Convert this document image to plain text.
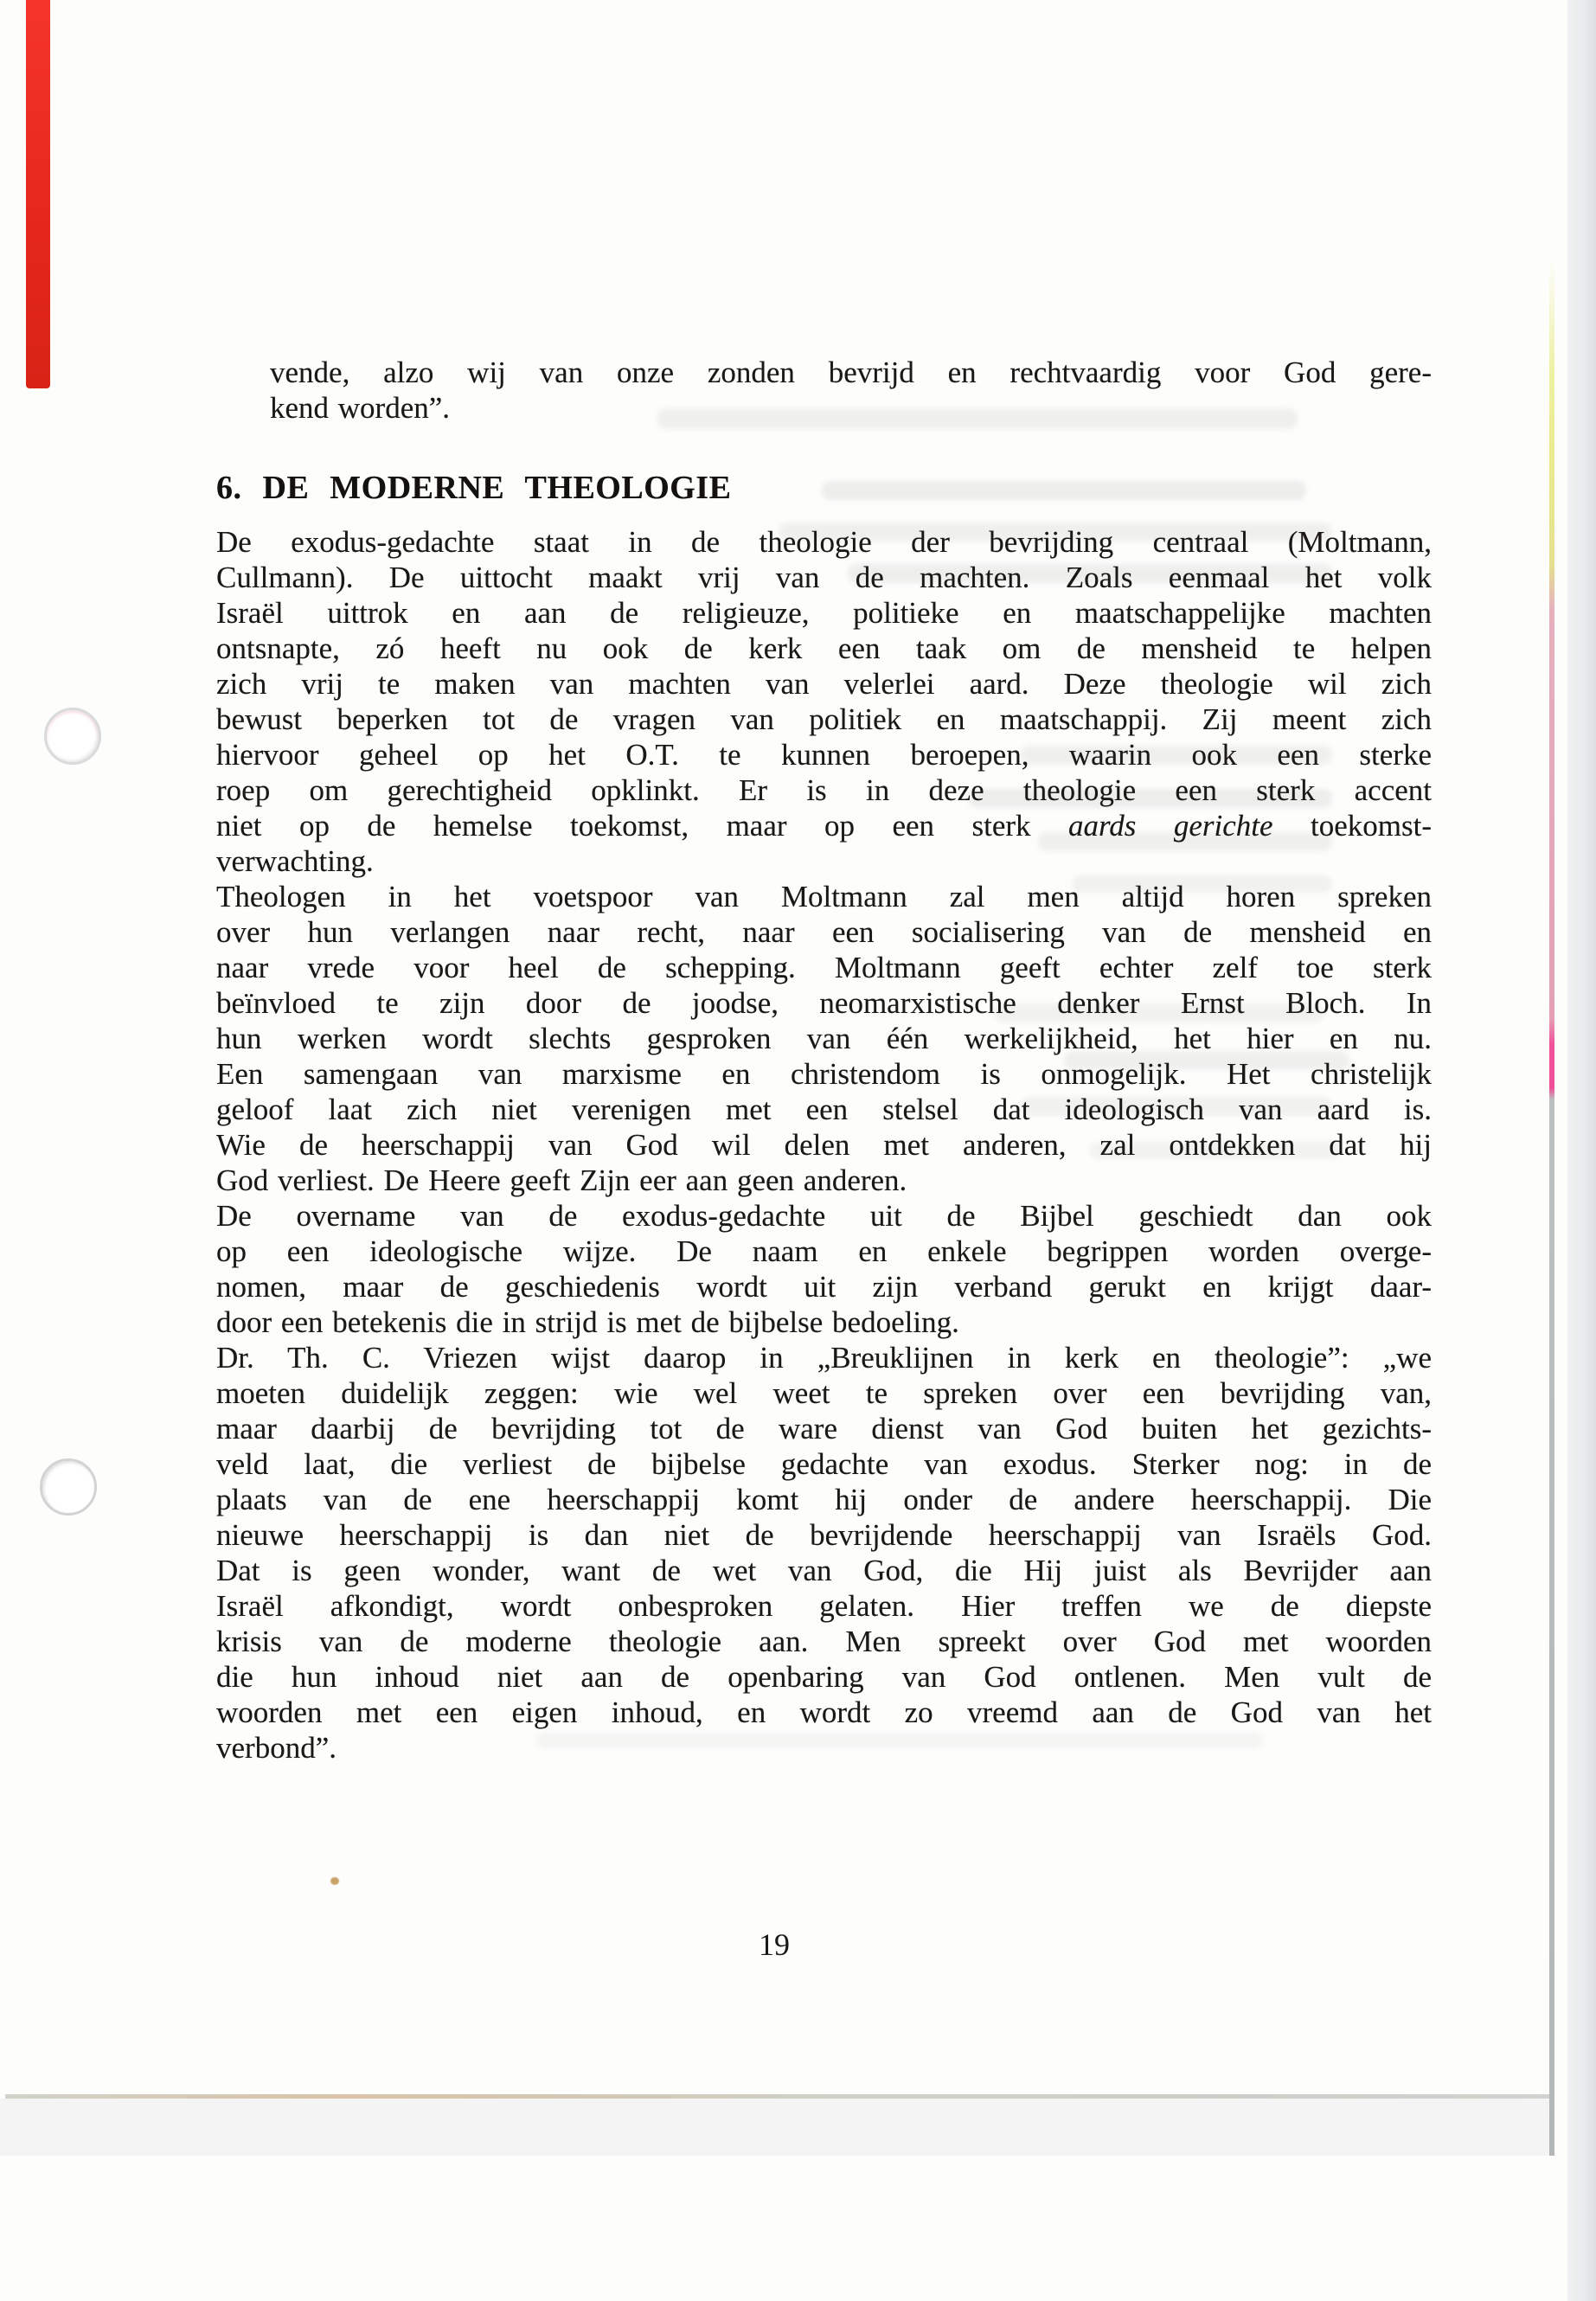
vende, alzo wij van onze zonden bevrijd en rechtvaardig voor God gere-
kend worden”.
6. DE MODERNE THEOLOGIE

De exodus-gedachte staat in de theologie der bevrijding centraal (Moltmann,
Cullmann). De uittocht maakt vrij van de machten. Zoals eenmaal het volk
Israël uittrok en aan de religieuze, politieke en maatschappelijke machten
ontsnapte, zó heeft nu ook de kerk een taak om de mensheid te helpen
zich vrij te maken van machten van velerlei aard. Deze theologie wil zich
bewust beperken tot de vragen van politiek en maatschappij. Zij meent zich
hiervoor geheel op het O.T. te kunnen beroepen, waarin ook een sterke
roep om gerechtigheid opklinkt. Er is in deze theologie een sterk accent
niet op de hemelse toekomst, maar op een sterk aards gerichte toekomst-
verwachting.

Theologen in het voetspoor van Moltmann zal men altijd horen spreken
over hun verlangen naar recht, naar een socialisering van de mensheid en
naar vrede voor heel de schepping. Moltmann geeft echter zelf toe sterk
beïnvloed te zijn door de joodse, neomarxistische denker Ernst Bloch. In
hun werken wordt slechts gesproken van één werkelijkheid, het hier en nu.
Een samengaan van marxisme en christendom is onmogelijk. Het christelijk
geloof laat zich niet verenigen met een stelsel dat ideologisch van aard is.
Wie de heerschappij van God wil delen met anderen, zal ontdekken dat hij
God verliest. De Heere geeft Zijn eer aan geen anderen.

De overname van de exodus-gedachte uit de Bijbel geschiedt dan ook
op een ideologische wijze. De naam en enkele begrippen worden overge-
nomen, maar de geschiedenis wordt uit zijn verband gerukt en krijgt daar-
door een betekenis die in strijd is met de bijbelse bedoeling.

Dr. Th. C. Vriezen wijst daarop in „Breuklijnen in kerk en theologie”: „we
moeten duidelijk zeggen: wie wel weet te spreken over een bevrijding van,
maar daarbij de bevrijding tot de ware dienst van God buiten het gezichts-
veld laat, die verliest de bijbelse gedachte van exodus. Sterker nog: in de
plaats van de ene heerschappij komt hij onder de andere heerschappij. Die
nieuwe heerschappij is dan niet de bevrijdende heerschappij van Israëls God.
Dat is geen wonder, want de wet van God, die Hij juist als Bevrijder aan
Israël afkondigt, wordt onbesproken gelaten. Hier treffen we de diepste
krisis van de moderne theologie aan. Men spreekt over God met woorden
die hun inhoud niet aan de openbaring van God ontlenen. Men vult de
woorden met een eigen inhoud, en wordt zo vreemd aan de God van het
verbond”.

19
